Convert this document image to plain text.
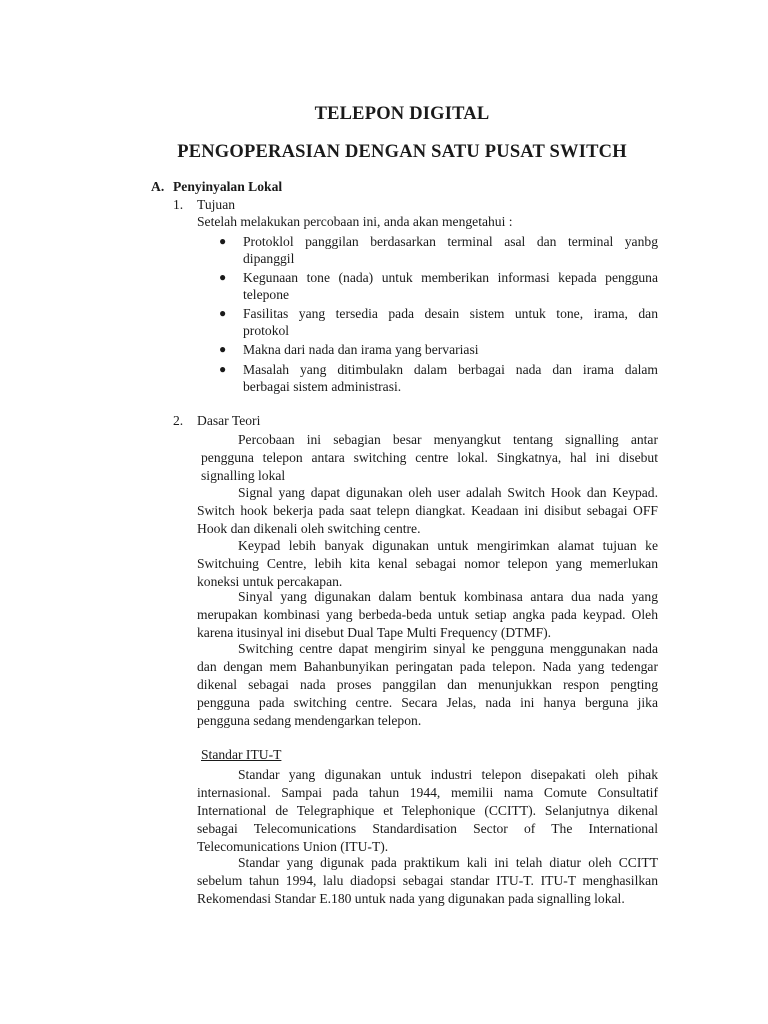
TELEPON DIGITAL
PENGOPERASIAN DENGAN SATU PUSAT SWITCH
A. Penyinyalan Lokal
1. Tujuan
Setelah melakukan percobaan ini, anda akan mengetahui :
● Protoklol panggilan berdasarkan terminal asal dan terminal yanbg
dipanggil
● Kegunaan tone (nada) untuk memberikan informasi kepada pengguna
telepone
● Fasilitas yang tersedia pada desain sistem untuk tone, irama, dan
protokol
● Makna dari nada dan irama yang bervariasi
● Masalah yang ditimbulakn dalam berbagai nada dan irama dalam
berbagai sistem administrasi.
2. Dasar Teori
Percobaan ini sebagian besar menyangkut tentang signalling antar
pengguna telepon antara switching centre lokal. Singkatnya, hal ini disebut
signalling lokal
Signal yang dapat digunakan oleh user adalah Switch Hook dan Keypad.
Switch hook bekerja pada saat telepn diangkat. Keadaan ini disibut sebagai OFF
Hook dan dikenali oleh switching centre.
Keypad lebih banyak digunakan untuk mengirimkan alamat tujuan ke
Switchuing Centre, lebih kita kenal sebagai nomor telepon yang memerlukan
koneksi untuk percakapan.
Sinyal yang digunakan dalam bentuk kombinasa antara dua nada yang
merupakan kombinasi yang berbeda-beda untuk setiap angka pada keypad. Oleh
karena itusinyal ini disebut Dual Tape Multi Frequency (DTMF).
Switching centre dapat mengirim sinyal ke pengguna menggunakan nada
dan dengan mem Bahanbunyikan peringatan pada telepon. Nada yang tedengar
dikenal sebagai nada proses panggilan dan menunjukkan respon pengting
pengguna pada switching centre. Secara Jelas, nada ini hanya berguna jika
pengguna sedang mendengarkan telepon.
Standar ITU-T
Standar yang digunakan untuk industri telepon disepakati oleh pihak
internasional. Sampai pada tahun 1944, memilii nama Comute Consultatif
International de Telegraphique et Telephonique (CCITT). Selanjutnya dikenal
sebagai Telecomunications Standardisation Sector of The International
Telecomunications Union (ITU-T).
Standar yang digunak pada praktikum kali ini telah diatur oleh CCITT
sebelum tahun 1994, lalu diadopsi sebagai standar ITU-T. ITU-T menghasilkan
Rekomendasi Standar E.180 untuk nada yang digunakan pada signalling lokal.
